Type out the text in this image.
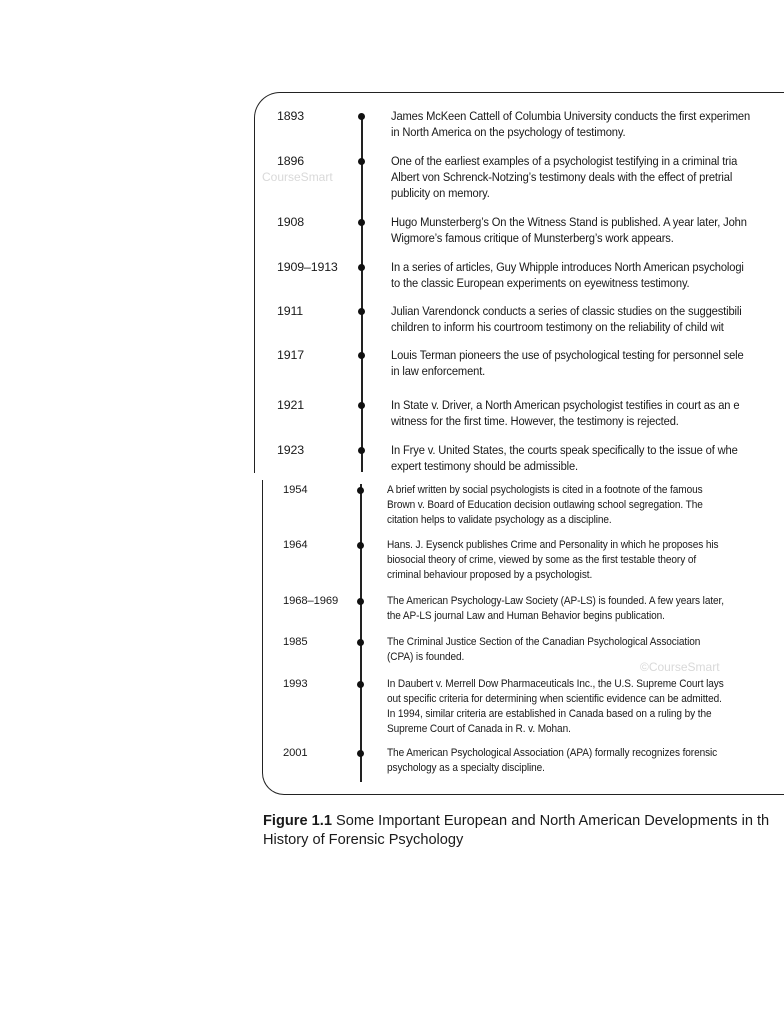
CourseSmart
©CourseSmart
1893	James McKeen Cattell of Columbia University conducts the first experimen
in North America on the psychology of testimony.
1896	One of the earliest examples of a psychologist testifying in a criminal tria
Albert von Schrenck-Notzing’s testimony deals with the effect of pretrial
publicity on memory.
1908	Hugo Munsterberg’s On the Witness Stand is published. A year later, John
Wigmore’s famous critique of Munsterberg’s work appears.
1909–1913	In a series of articles, Guy Whipple introduces North American psychologi
to the classic European experiments on eyewitness testimony.
1911	Julian Varendonck conducts a series of classic studies on the suggestibili
children to inform his courtroom testimony on the reliability of child wit
1917	Louis Terman pioneers the use of psychological testing for personnel sele
in law enforcement.
1921	In State v. Driver, a North American psychologist testifies in court as an e
witness for the first time. However, the testimony is rejected.
1923	In Frye v. United States, the courts speak specifically to the issue of whe
expert testimony should be admissible.
1954	A brief written by social psychologists is cited in a footnote of the famous
Brown v. Board of Education decision outlawing school segregation. The
citation helps to validate psychology as a discipline.
1964	Hans. J. Eysenck publishes Crime and Personality in which he proposes his
biosocial theory of crime, viewed by some as the first testable theory of
criminal behaviour proposed by a psychologist.
1968–1969	The American Psychology-Law Society (AP-LS) is founded. A few years later,
the AP-LS journal Law and Human Behavior begins publication.
1985	The Criminal Justice Section of the Canadian Psychological Association
(CPA) is founded.
1993	In Daubert v. Merrell Dow Pharmaceuticals Inc., the U.S. Supreme Court lays
out specific criteria for determining when scientific evidence can be admitted.
In 1994, similar criteria are established in Canada based on a ruling by the
Supreme Court of Canada in R. v. Mohan.
2001	The American Psychological Association (APA) formally recognizes forensic
psychology as a specialty discipline.
Figure 1.1 Some Important European and North American Developments in th
History of Forensic Psychology
